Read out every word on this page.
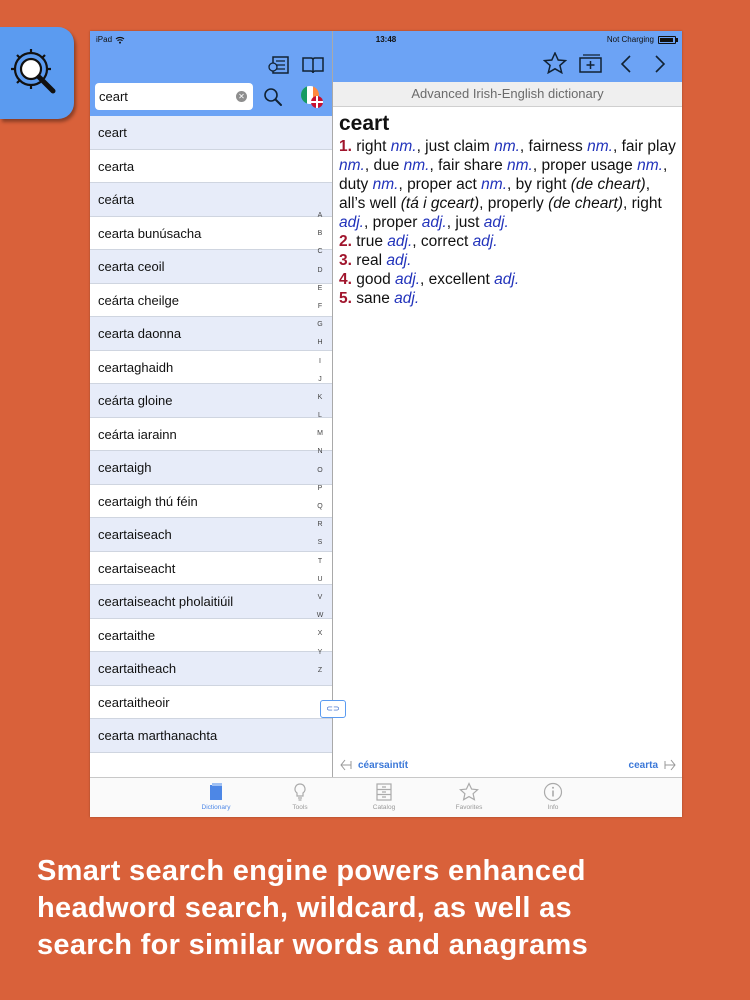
ceart
✕
ceart
cearta
ceárta
cearta bunúsacha
cearta ceoil
ceárta cheilge
cearta daonna
ceartaghaidh
ceárta gloine
ceárta iarainn
ceartaigh
ceartaigh thú féin
ceartaiseach
ceartaiseacht
ceartaiseacht pholaitiúil
ceartaithe
ceartaitheach
ceartaitheoir
cearta marthanachta
A
B
C
D
E
F
G
H
I
J
K
L
M
N
O
P
Q
R
S
T
U
V
W
X
Y
Z
⊂⊃
iPad	13:48	Not Charging
Advanced Irish-English dictionary
ceart
1. right nm., just claim nm., fairness nm., fair play nm., due nm., fair share nm., proper usage nm., duty nm., proper act nm., by right (de cheart), all’s well (tá i gceart), properly (de cheart), right adj., proper adj., just adj.
2. true adj., correct adj.
3. real adj.
4. good adj., excellent adj.
5. sane adj.
céarsaintít	cearta
Dictionary	Tools	Catalog	Favorites	Info
Smart search engine powers enhanced
headword search, wildcard, as well as
search for similar words and anagrams
